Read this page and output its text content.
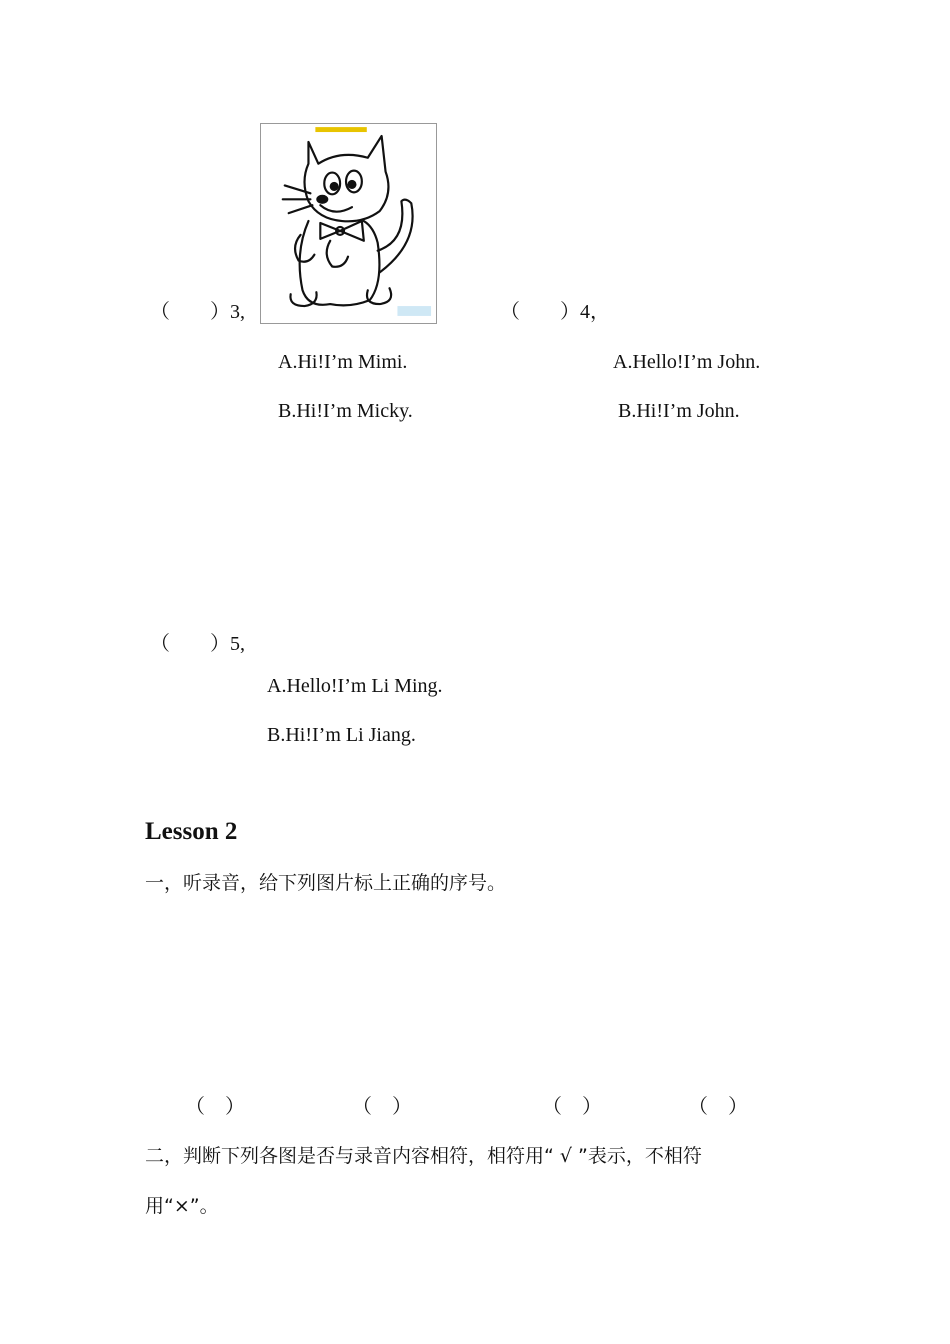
（　　）3,
A.Hi!I’m Mimi.
B.Hi!I’m Micky.
（　　）4，
A.Hello!I’m John.
B.Hi!I’m John.
（　　）5,
A.Hello!I’m Li Ming.
B.Hi!I’m Li Jiang.
Lesson 2
一，听录音，给下列图片标上正确的序号。
（　）	（　）	（　）	（　）
二，判断下列各图是否与录音内容相符，相符用“ √ ”表示，不相符
用“×”。
